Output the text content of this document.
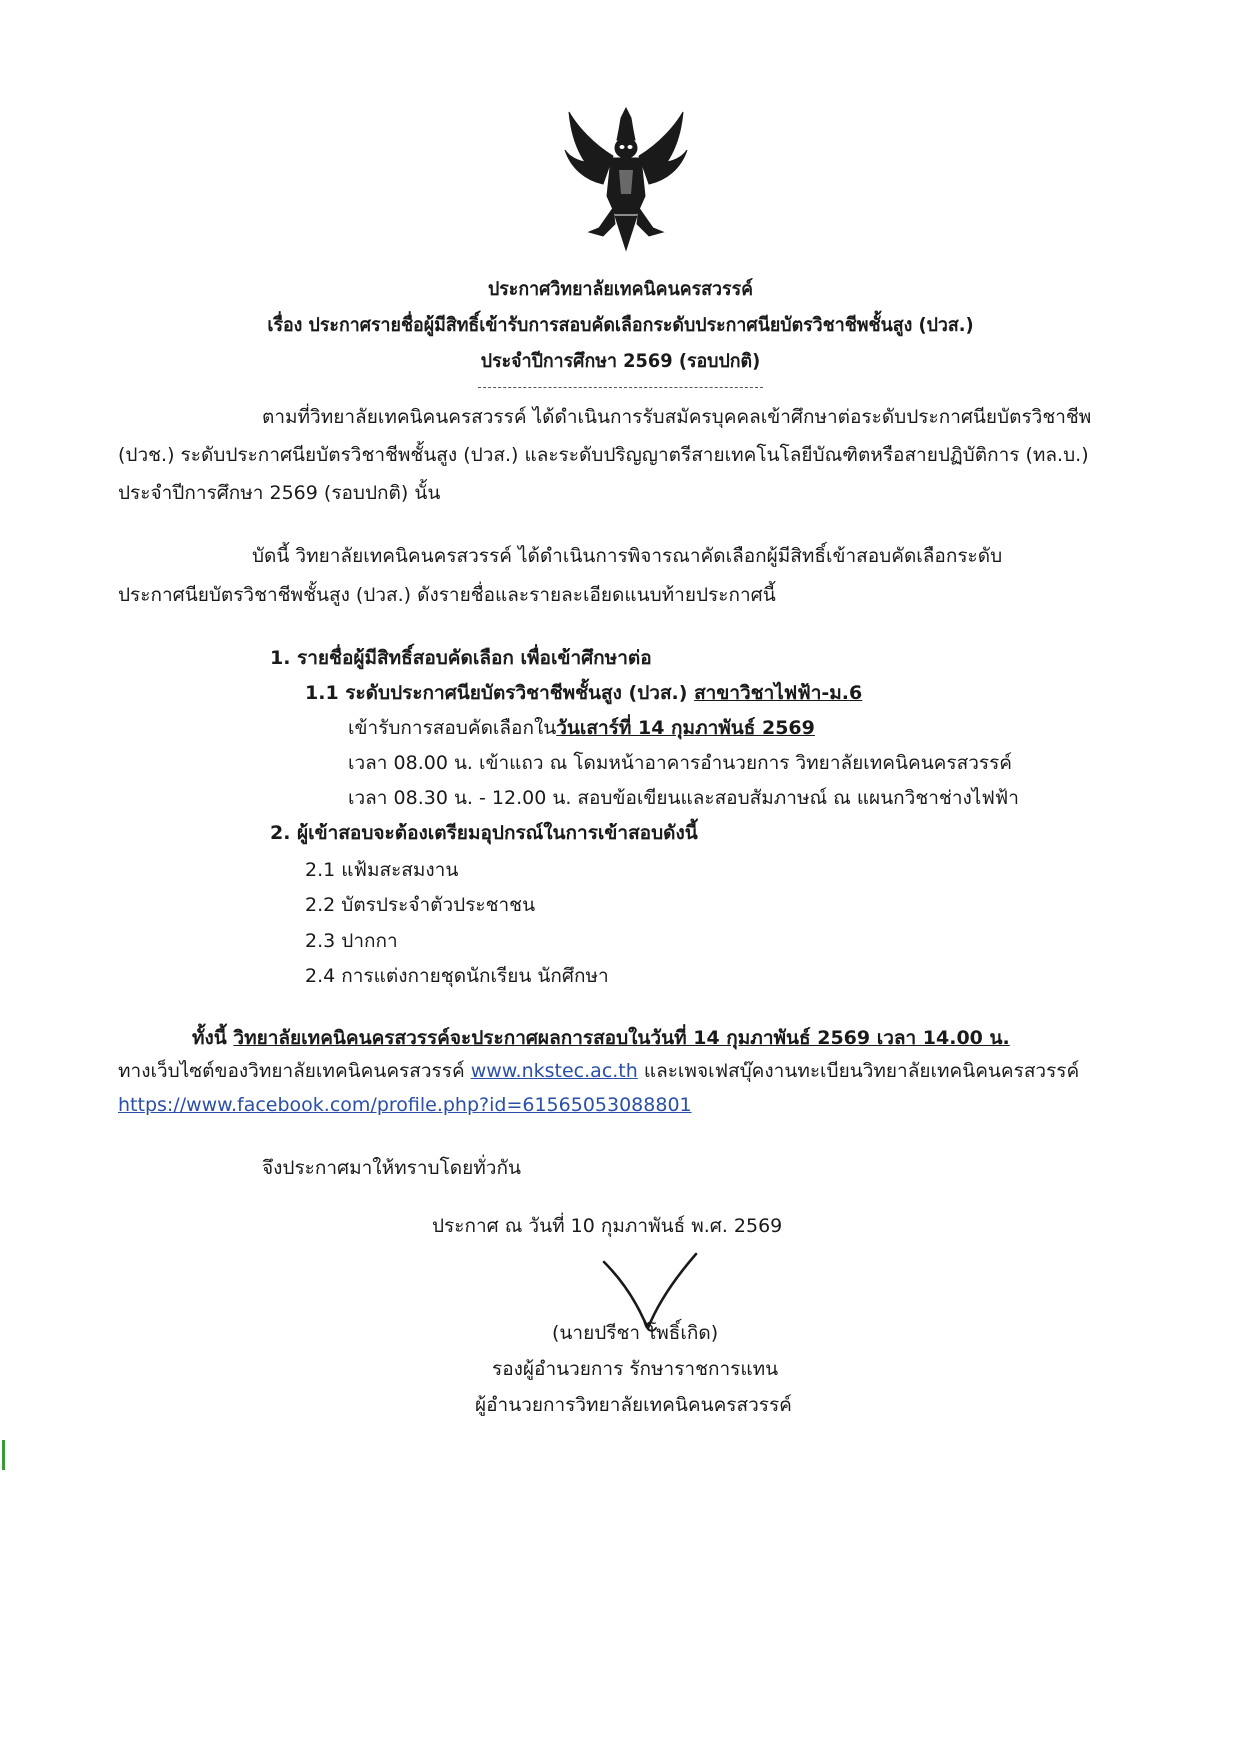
ประกาศวิทยาลัยเทคนิคนครสวรรค์
เรื่อง ประกาศรายชื่อผู้มีสิทธิ์เข้ารับการสอบคัดเลือกระดับประกาศนียบัตรวิชาชีพชั้นสูง (ปวส.)
ประจำปีการศึกษา 2569 (รอบปกติ)
ตามที่วิทยาลัยเทคนิคนครสวรรค์ ได้ดำเนินการรับสมัครบุคคลเข้าศึกษาต่อระดับประกาศนียบัตรวิชาชีพ
(ปวช.) ระดับประกาศนียบัตรวิชาชีพชั้นสูง (ปวส.) และระดับปริญญาตรีสายเทคโนโลยีบัณฑิตหรือสายปฏิบัติการ (ทล.บ.)
ประจำปีการศึกษา 2569 (รอบปกติ) นั้น
บัดนี้ วิทยาลัยเทคนิคนครสวรรค์ ได้ดำเนินการพิจารณาคัดเลือกผู้มีสิทธิ์เข้าสอบคัดเลือกระดับ
ประกาศนียบัตรวิชาชีพชั้นสูง (ปวส.) ดังรายชื่อและรายละเอียดแนบท้ายประกาศนี้
1. รายชื่อผู้มีสิทธิ์สอบคัดเลือก เพื่อเข้าศึกษาต่อ
1.1 ระดับประกาศนียบัตรวิชาชีพชั้นสูง (ปวส.) สาขาวิชาไฟฟ้า-ม.6
เข้ารับการสอบคัดเลือกในวันเสาร์ที่ 14 กุมภาพันธ์ 2569
เวลา 08.00 น. เข้าแถว ณ โดมหน้าอาคารอำนวยการ วิทยาลัยเทคนิคนครสวรรค์
เวลา 08.30 น. - 12.00 น. สอบข้อเขียนและสอบสัมภาษณ์ ณ แผนกวิชาช่างไฟฟ้า
2. ผู้เข้าสอบจะต้องเตรียมอุปกรณ์ในการเข้าสอบดังนี้
2.1 แฟ้มสะสมงาน
2.2 บัตรประจำตัวประชาชน
2.3 ปากกา
2.4 การแต่งกายชุดนักเรียน นักศึกษา
ทั้งนี้ วิทยาลัยเทคนิคนครสวรรค์จะประกาศผลการสอบในวันที่ 14 กุมภาพันธ์ 2569 เวลา 14.00 น.
ทางเว็บไซต์ของวิทยาลัยเทคนิคนครสวรรค์ www.nkstec.ac.th และเพจเฟสบุ๊คงานทะเบียนวิทยาลัยเทคนิคนครสวรรค์
https://www.facebook.com/profile.php?id=61565053088801
จึงประกาศมาให้ทราบโดยทั่วกัน
ประกาศ ณ วันที่ 10 กุมภาพันธ์ พ.ศ. 2569
(นายปรีชา โพธิ์เกิด)
รองผู้อำนวยการ รักษาราชการแทน
ผู้อำนวยการวิทยาลัยเทคนิคนครสวรรค์
